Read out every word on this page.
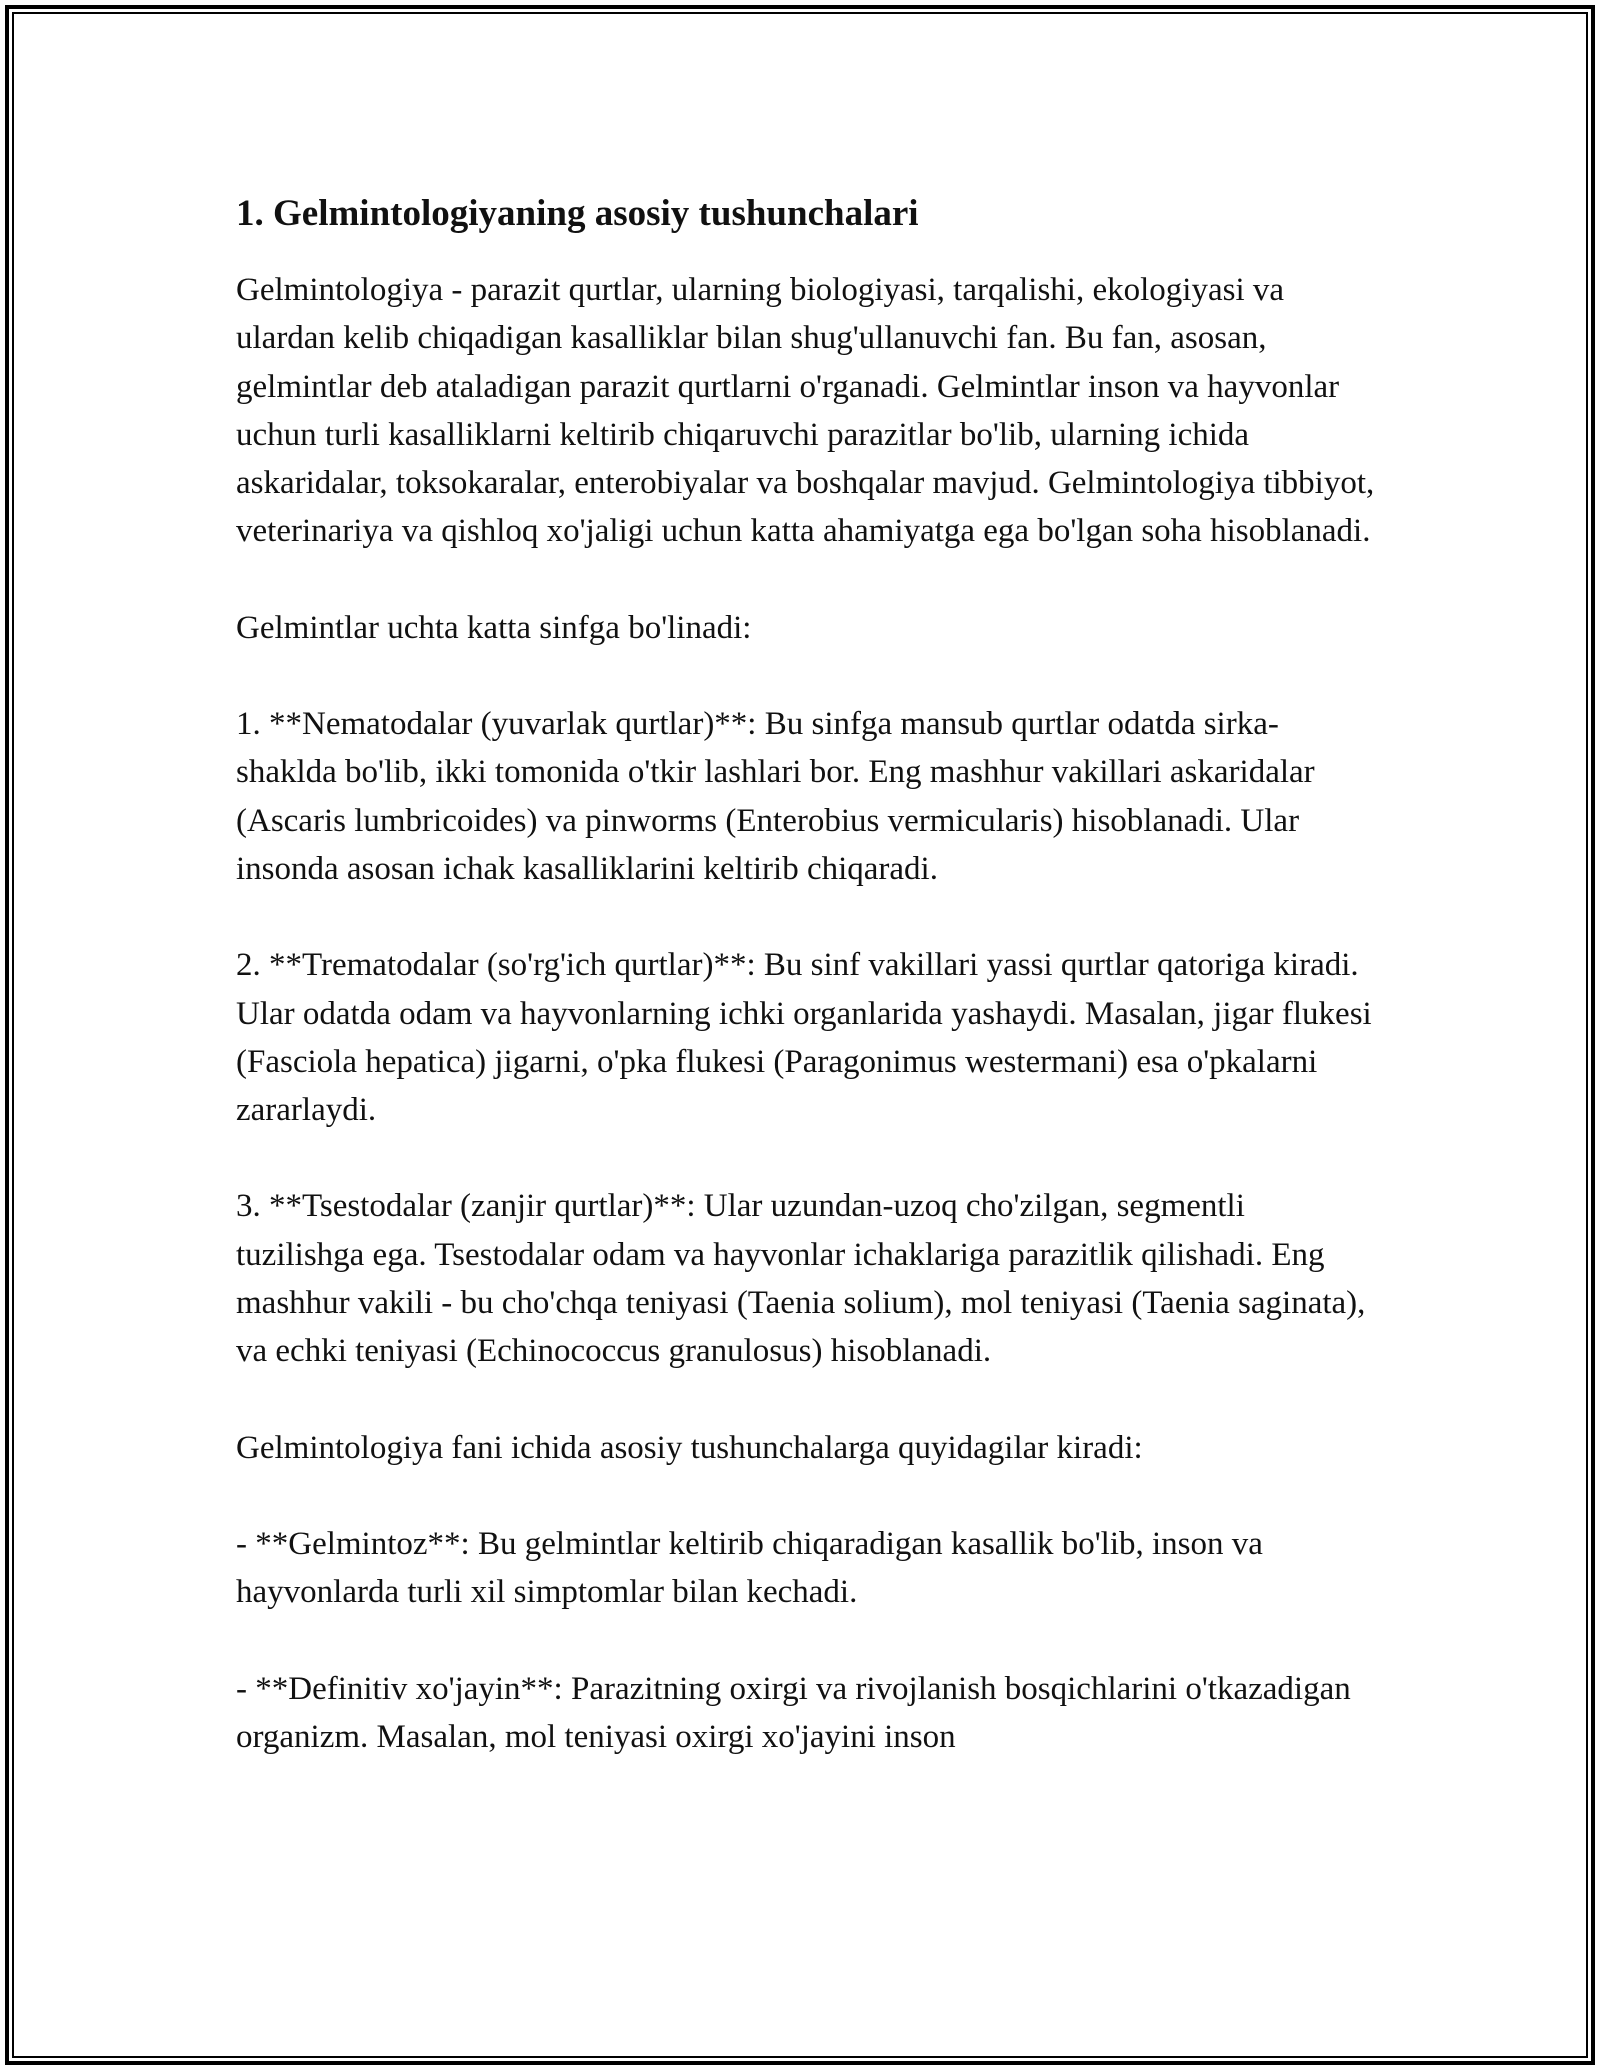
1. Gelmintologiyaning asosiy tushunchalari

Gelmintologiya - parazit qurtlar, ularning biologiyasi, tarqalishi, ekologiyasi va ulardan kelib chiqadigan kasalliklar bilan shug'ullanuvchi fan. Bu fan, asosan, gelmintlar deb ataladigan parazit qurtlarni o'rganadi. Gelmintlar inson va hayvonlar uchun turli kasalliklarni keltirib chiqaruvchi parazitlar bo'lib, ularning ichida askaridalar, toksokaralar, enterobiyalar va boshqalar mavjud. Gelmintologiya tibbiyot, veterinariya va qishloq xo'jaligi uchun katta ahamiyatga ega bo'lgan soha hisoblanadi.

Gelmintlar uchta katta sinfga bo'linadi:

1. **Nematodalar (yuvarlak qurtlar)**: Bu sinfga mansub qurtlar odatda sirka-shaklda bo'lib, ikki tomonida o'tkir lashlari bor. Eng mashhur vakillari askaridalar (Ascaris lumbricoides) va pinworms (Enterobius vermicularis) hisoblanadi. Ular insonda asosan ichak kasalliklarini keltirib chiqaradi.

2. **Trematodalar (so'rg'ich qurtlar)**: Bu sinf vakillari yassi qurtlar qatoriga kiradi. Ular odatda odam va hayvonlarning ichki organlarida yashaydi. Masalan, jigar flukesi (Fasciola hepatica) jigarni, o'pka flukesi (Paragonimus westermani) esa o'pkalarni zararlaydi.

3. **Tsestodalar (zanjir qurtlar)**: Ular uzundan-uzoq cho'zilgan, segmentli tuzilishga ega. Tsestodalar odam va hayvonlar ichaklariga parazitlik qilishadi. Eng mashhur vakili - bu cho'chqa teniyasi (Taenia solium), mol teniyasi (Taenia saginata), va echki teniyasi (Echinococcus granulosus) hisoblanadi.

Gelmintologiya fani ichida asosiy tushunchalarga quyidagilar kiradi:

- **Gelmintoz**: Bu gelmintlar keltirib chiqaradigan kasallik bo'lib, inson va hayvonlarda turli xil simptomlar bilan kechadi.

- **Definitiv xo'jayin**: Parazitning oxirgi va rivojlanish bosqichlarini o'tkazadigan organizm. Masalan, mol teniyasi oxirgi xo'jayini inson
